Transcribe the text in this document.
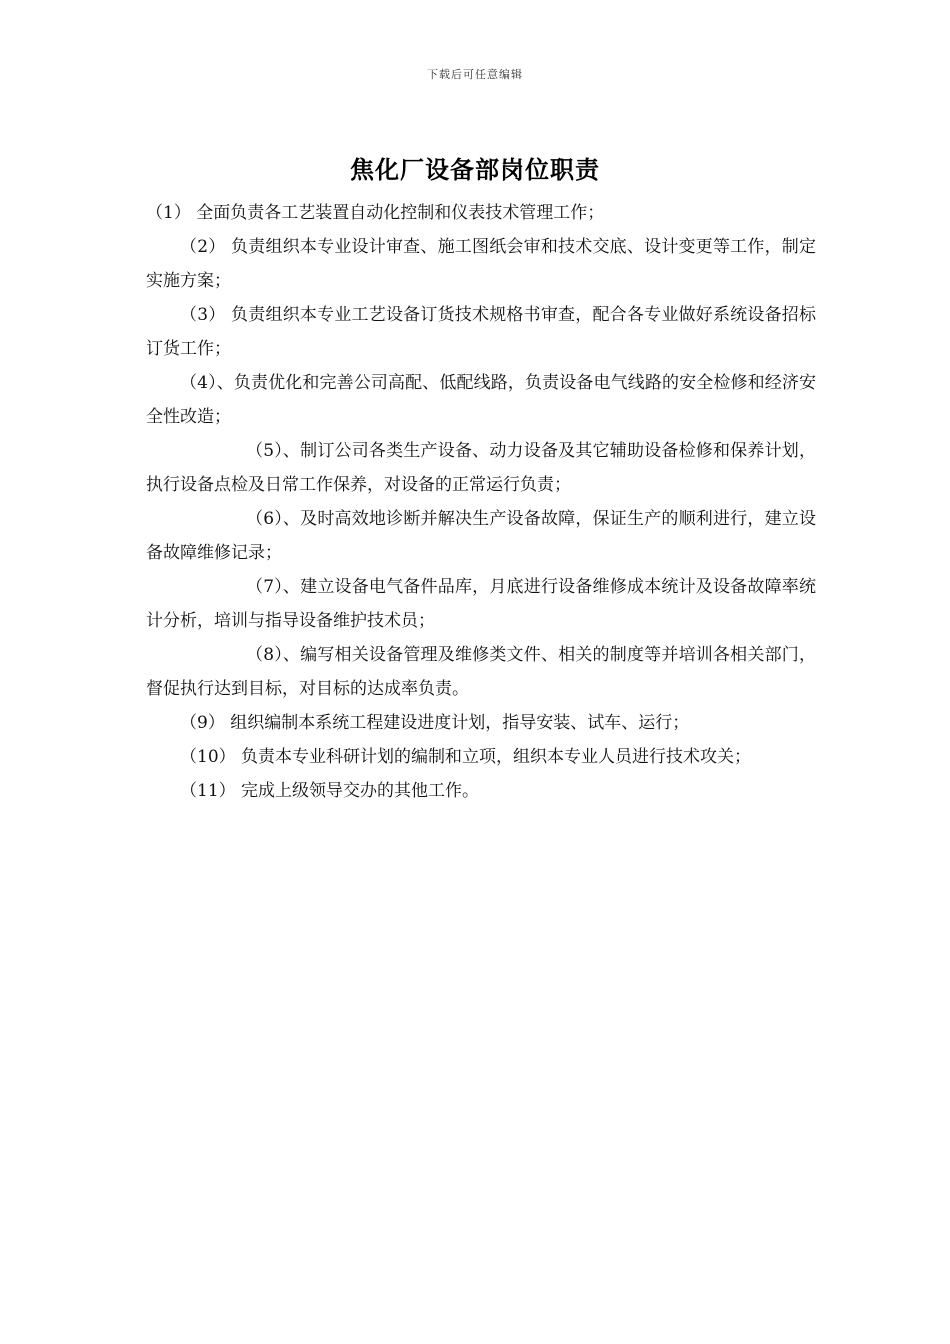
下载后可任意编辑
焦化厂设备部岗位职责

（1） 全面负责各工艺装置自动化控制和仪表技术管理工作；

（2） 负责组织本专业设计审查、施工图纸会审和技术交底、设计变更等工作，制定实施方案；

（3） 负责组织本专业工艺设备订货技术规格书审查，配合各专业做好系统设备招标订货工作；

（4）、负责优化和完善公司高配、低配线路，负责设备电气线路的安全检修和经济安全性改造；

（5）、制订公司各类生产设备、动力设备及其它辅助设备检修和保养计划，执行设备点检及日常工作保养，对设备的正常运行负责；

（6）、及时高效地诊断并解决生产设备故障，保证生产的顺利进行，建立设备故障维修记录；

（7）、建立设备电气备件品库，月底进行设备维修成本统计及设备故障率统计分析，培训与指导设备维护技术员；

（8）、编写相关设备管理及维修类文件、相关的制度等并培训各相关部门，督促执行达到目标，对目标的达成率负责。

（9） 组织编制本系统工程建设进度计划，指导安装、试车、运行；

（10） 负责本专业科研计划的编制和立项，组织本专业人员进行技术攻关；

（11） 完成上级领导交办的其他工作。
